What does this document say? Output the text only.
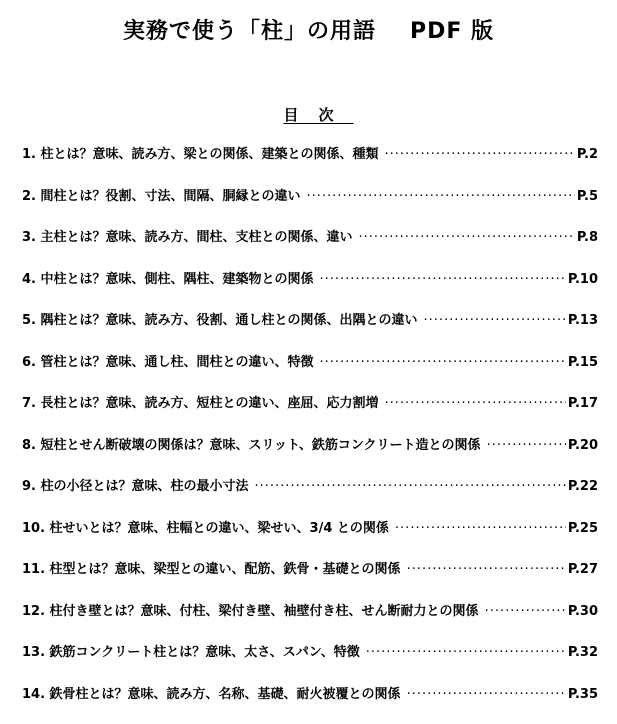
実務で使う「柱」の用語 PDF 版
目次
1. 柱とは？意味、読み方、梁との関係、建築との関係、種類 ·····	P.2
2. 間柱とは？役割、寸法、間隔、胴縁との違い ·····	P.5
3. 主柱とは？意味、読み方、間柱、支柱との関係、違い ·····	P.8
4. 中柱とは？意味、側柱、隅柱、建築物との関係 ·····	P.10
5. 隅柱とは？意味、読み方、役割、通し柱との関係、出隅との違い ·····	P.13
6. 管柱とは？意味、通し柱、間柱との違い、特徴 ·····	P.15
7. 長柱とは？意味、読み方、短柱との違い、座屈、応力割増 ·····	P.17
8. 短柱とせん断破壊の関係は？意味、スリット、鉄筋コンクリート造との関係 ·····	P.20
9. 柱の小径とは？意味、柱の最小寸法 ·····	P.22
10. 柱せいとは？意味、柱幅との違い、梁せい、3/4 との関係 ·····	P.25
11. 柱型とは？意味、梁型との違い、配筋、鉄骨・基礎との関係 ·····	P.27
12. 柱付き壁とは？意味、付柱、梁付き壁、袖壁付き柱、せん断耐力との関係 ·····	P.30
13. 鉄筋コンクリート柱とは？意味、太さ、スパン、特徴 ·····	P.32
14. 鉄骨柱とは？意味、読み方、名称、基礎、耐火被覆との関係 ·····	P.35
